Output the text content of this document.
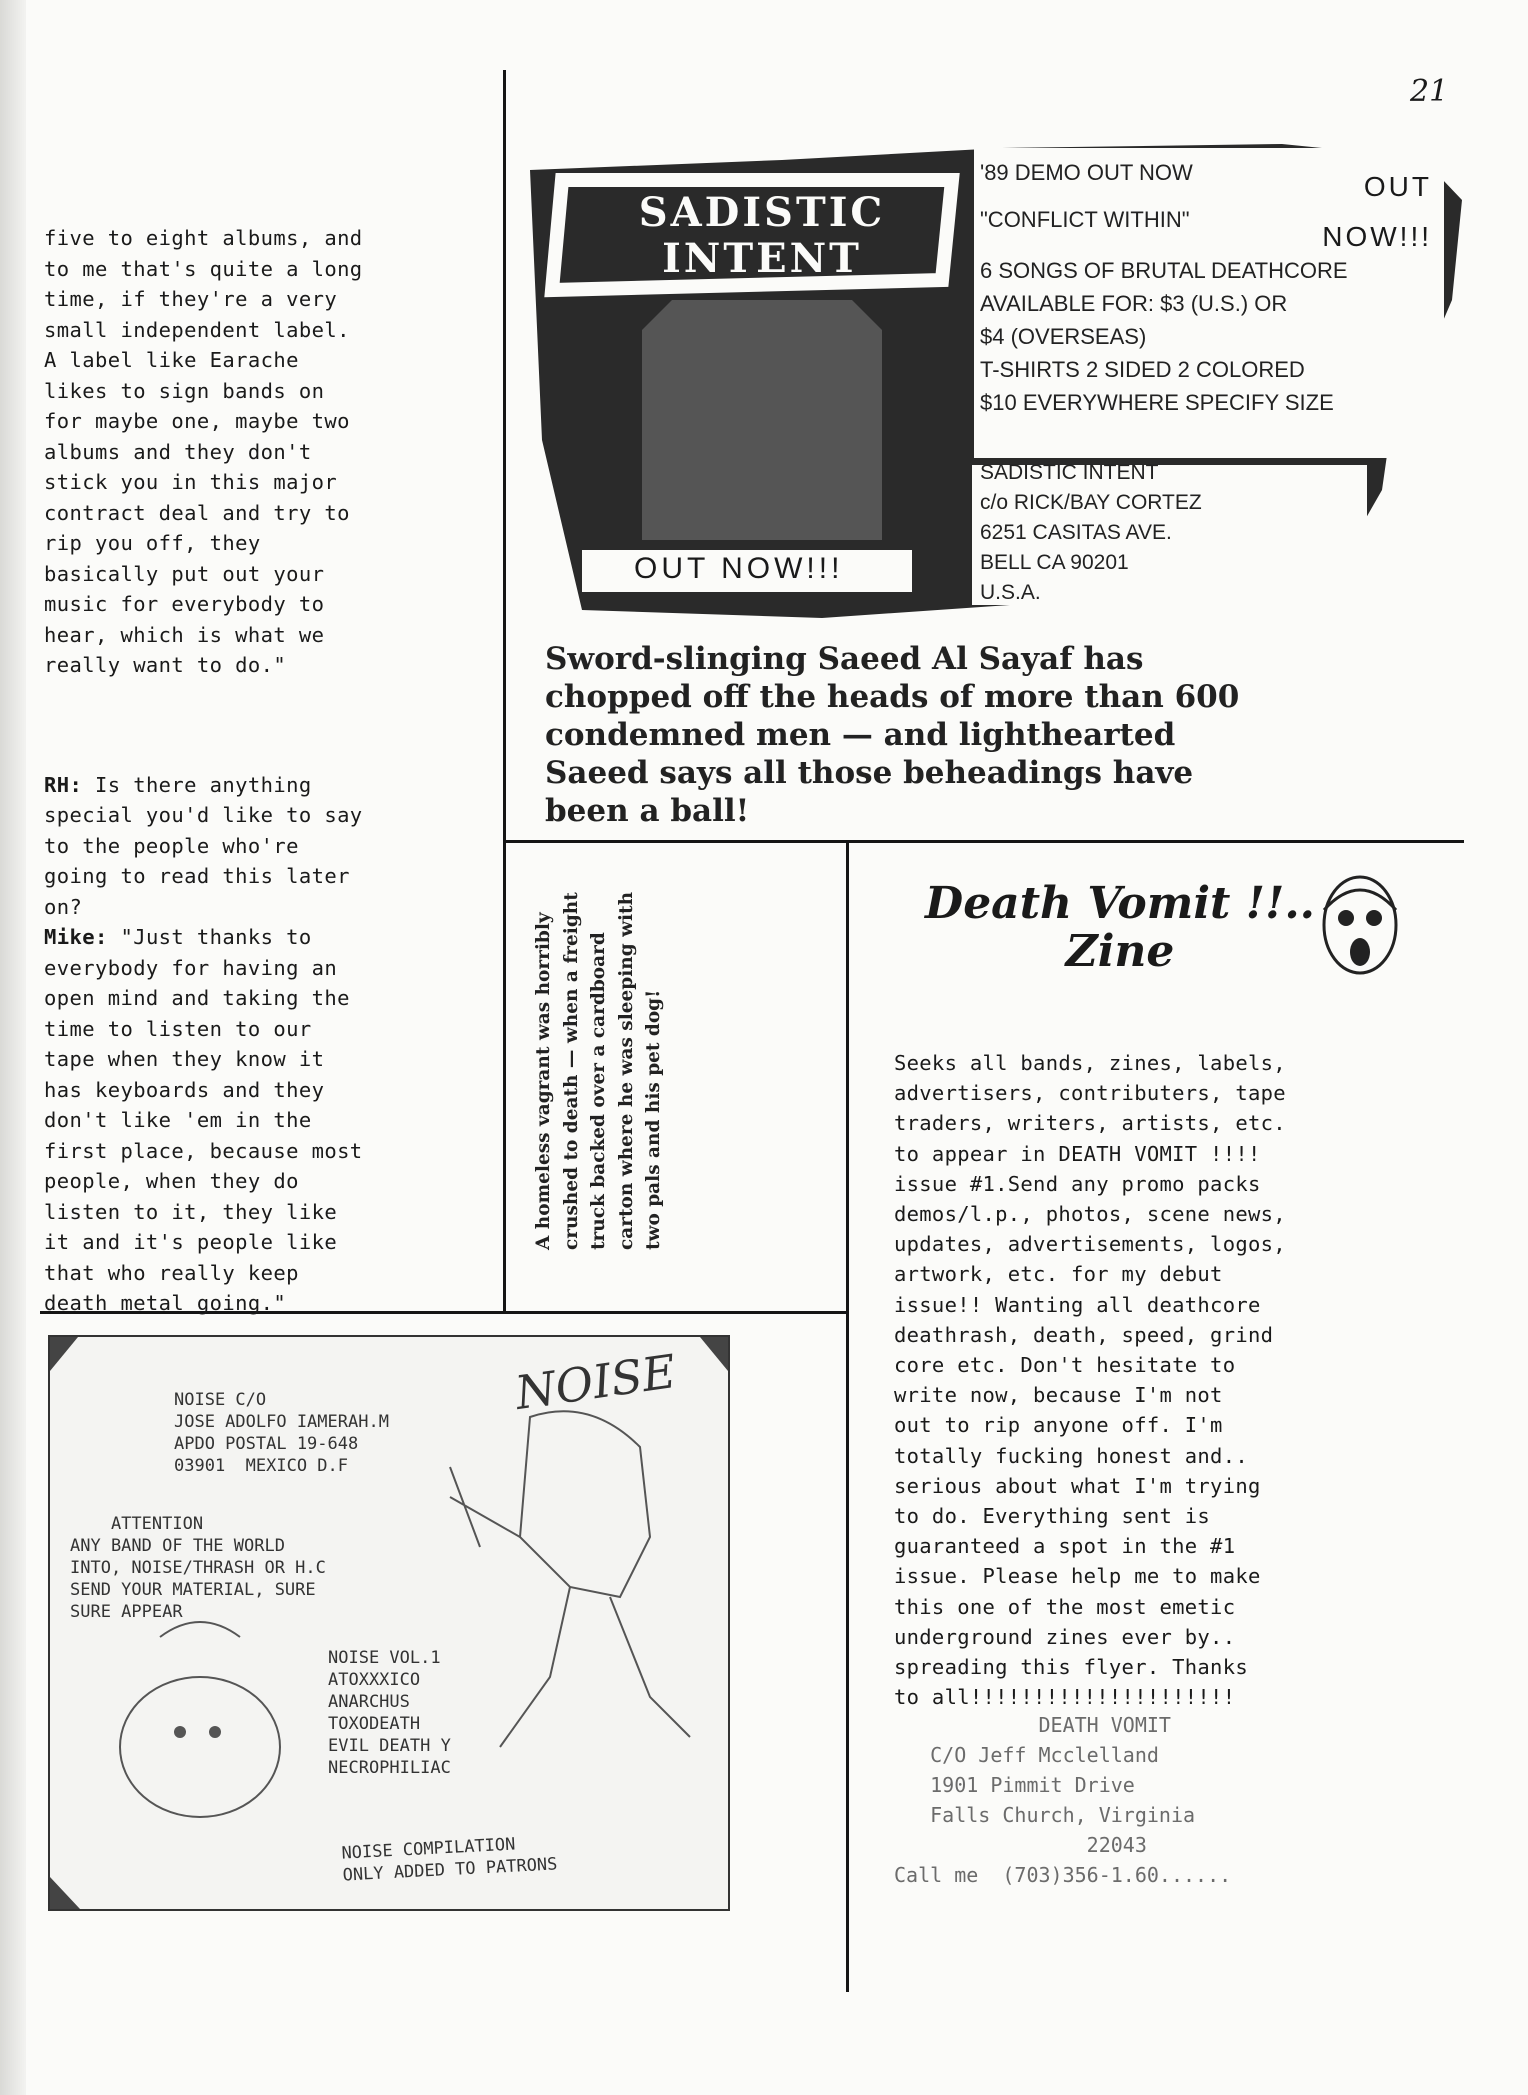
21

five to eight albums, and
to me that's quite a long
time, if they're a very
small independent label.
A label like Earache
likes to sign bands on
for maybe one, maybe two
albums and they don't
stick you in this major
contract deal and try to
rip you off, they
basically put out your
music for everybody to
hear, which is what we
really want to do."

RH: Is there anything
special you'd like to say
to the people who're
going to read this later
on?
Mike: "Just thanks to
everybody for having an
open mind and taking the
time to listen to our
tape when they know it
has keyboards and they
don't like 'em in the
first place, because most
people, when they do
listen to it, they like
it and it's people like
that who really keep
death metal going."

SADISTIC INTENT
OUT NOW!!!
'89 DEMO OUT NOW
"CONFLICT WITHIN"
6 SONGS OF BRUTAL DEATHCORE
AVAILABLE FOR: $3 (U.S.) OR
$4 (OVERSEAS)
T-SHIRTS 2 SIDED 2 COLORED
$10 EVERYWHERE SPECIFY SIZE
OUT
NOW!!!
SADISTIC INTENT
c/o RICK/BAY CORTEZ
6251 CASITAS AVE.
BELL CA 90201
U.S.A.
Sword-slinging Saeed Al Sayaf has chopped off the heads of more than 600 condemned men — and lighthearted Saeed says all those beheadings have been a ball!
A homeless vagrant was horribly crushed to death — when a freight truck backed over a cardboard carton where he was sleeping with two pals and his pet dog!
Death Vomit !!..
Zine
Seeks all bands, zines, labels,
advertisers, contributers, tape
traders, writers, artists, etc.
to appear in DEATH VOMIT !!!!
issue #1.Send any promo packs
demos/l.p., photos, scene news,
updates, advertisements, logos,
artwork, etc. for my debut
issue!! Wanting all deathcore
deathrash, death, speed, grind
core etc. Don't hesitate to
write now, because I'm not
out to rip anyone off. I'm
totally fucking honest and..
serious about what I'm trying
to do. Everything sent is
guaranteed a spot in the #1
issue. Please help me to make
this one of the most emetic
underground zines ever by..
spreading this flyer. Thanks
to all!!!!!!!!!!!!!!!!!!!!!
DEATH VOMIT
C/O Jeff Mcclelland
1901 Pimmit Drive
Falls Church, Virginia
22043
Call me  (703)356-1.60......
NOISE C/O
JOSE ADOLFO IAMERAH.M
APDO POSTAL 19-648
03901  MEXICO D.F
ATTENTION
ANY BAND OF THE WORLD
INTO, NOISE/THRASH OR H.C
SEND YOUR MATERIAL, SURE
SURE APPEAR
NOISE VOL.1
ATOXXXICO
ANARCHUS
TOXODEATH
EVIL DEATH Y
NECROPHILIAC
NOISE COMPILATION
ONLY ADDED TO PATRONS
NOISE
